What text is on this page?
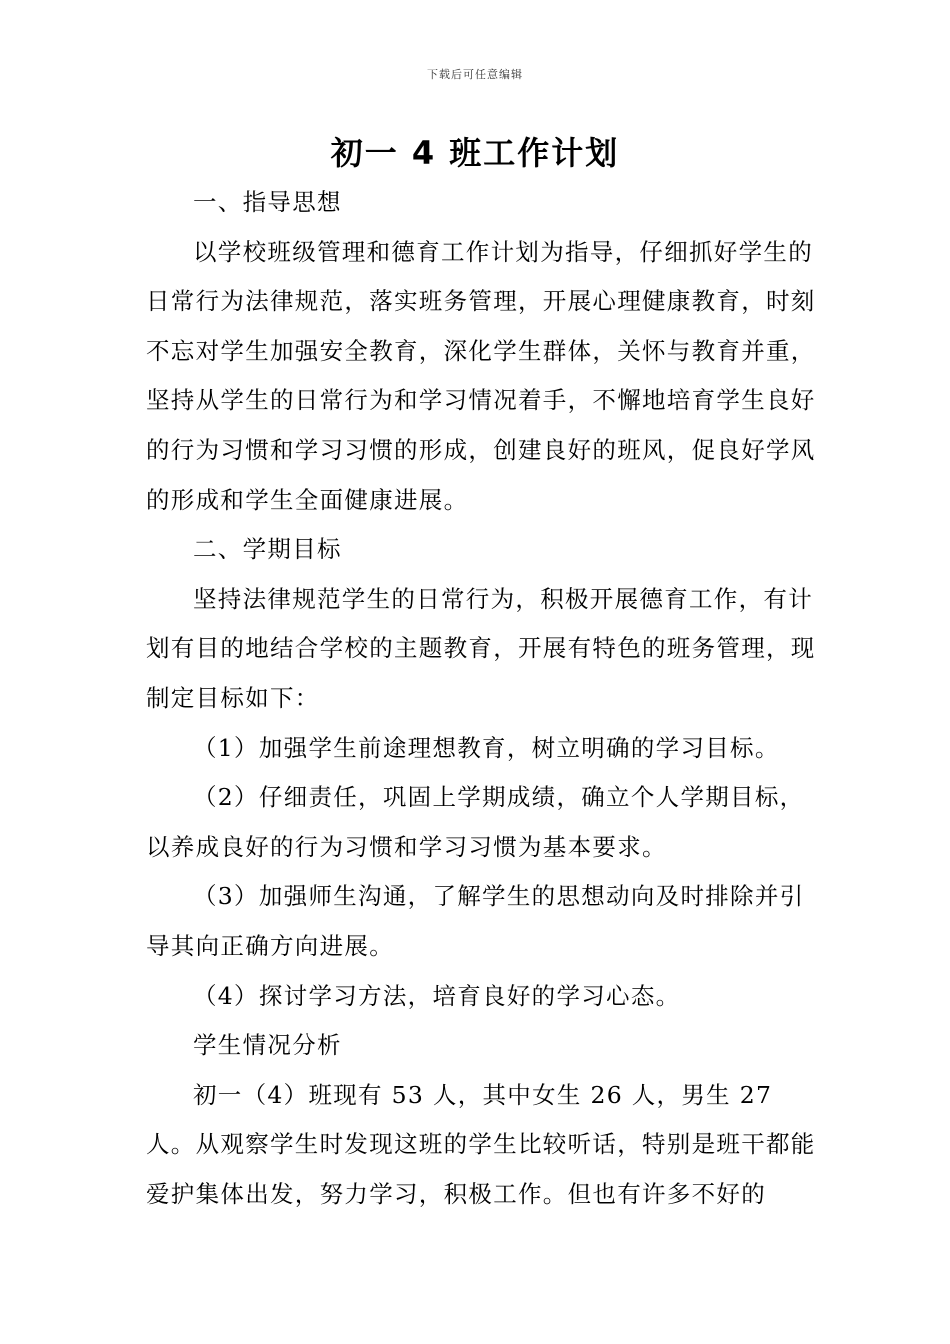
下载后可任意编辑
初一 4 班工作计划

一、指导思想

以学校班级管理和德育工作计划为指导，仔细抓好学生的日常行为法律规范，落实班务管理，开展心理健康教育，时刻不忘对学生加强安全教育，深化学生群体，关怀与教育并重，坚持从学生的日常行为和学习情况着手，不懈地培育学生良好的行为习惯和学习习惯的形成，创建良好的班风，促良好学风的形成和学生全面健康进展。

二、学期目标

坚持法律规范学生的日常行为，积极开展德育工作，有计划有目的地结合学校的主题教育，开展有特色的班务管理，现制定目标如下：

（1）加强学生前途理想教育，树立明确的学习目标。

（2）仔细责任，巩固上学期成绩，确立个人学期目标，以养成良好的行为习惯和学习习惯为基本要求。

（3）加强师生沟通，了解学生的思想动向及时排除并引导其向正确方向进展。

（4）探讨学习方法，培育良好的学习心态。

学生情况分析

初一（4）班现有 53 人，其中女生 26 人，男生 27 人。从观察学生时发现这班的学生比较听话，特别是班干都能爱护集体出发，努力学习，积极工作。但也有许多不好的
